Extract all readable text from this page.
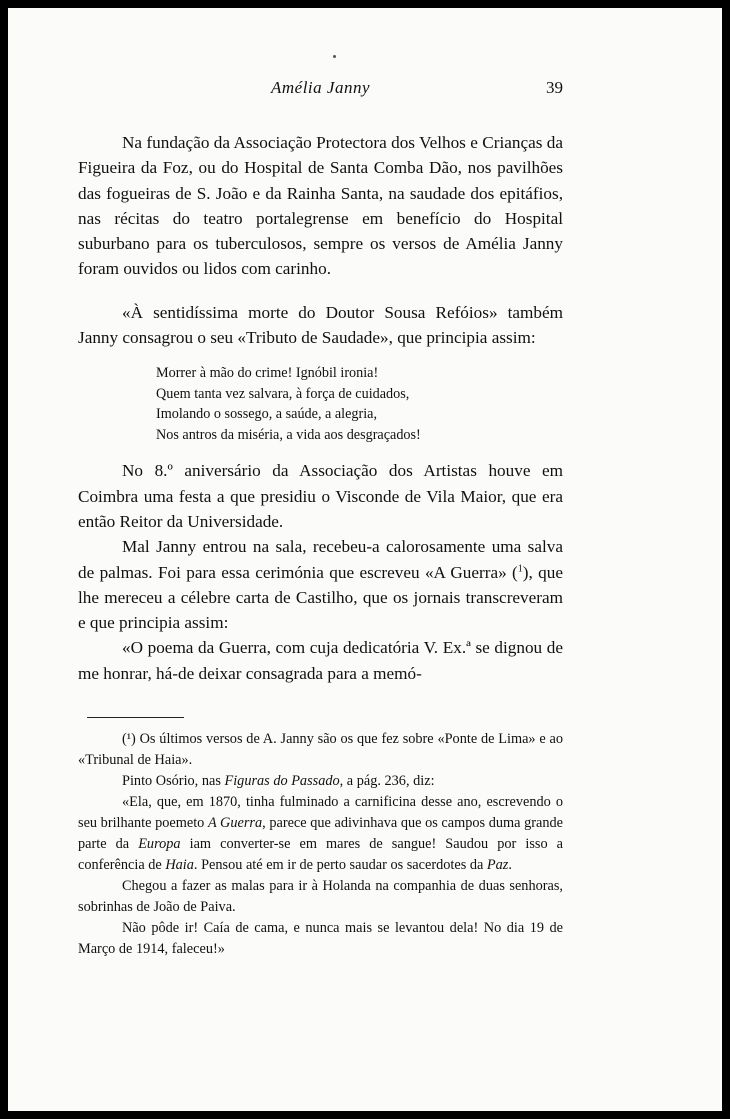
Amélia Janny	39

Na fundação da Associação Protectora dos Velhos e Crianças da Figueira da Foz, ou do Hospital de Santa Comba Dão, nos pavilhões das fogueiras de S. João e da Rainha Santa, na saudade dos epitáfios, nas récitas do teatro portalegrense em benefício do Hospital suburbano para os tuberculosos, sempre os versos de Amélia Janny foram ouvidos ou lidos com carinho.

«À sentidíssima morte do Doutor Sousa Refóios» também Janny consagrou o seu «Tributo de Saudade», que principia assim:

Morrer à mão do crime! Ignóbil ironia!
Quem tanta vez salvara, à força de cuidados,
Imolando o sossego, a saúde, a alegria,
Nos antros da miséria, a vida aos desgraçados!

No 8.º aniversário da Associação dos Artistas houve em Coimbra uma festa a que presidiu o Visconde de Vila Maior, que era então Reitor da Universidade.

Mal Janny entrou na sala, recebeu-a calorosamente uma salva de palmas. Foi para essa cerimónia que escreveu «A Guerra» ($^1$), que lhe mereceu a célebre carta de Castilho, que os jornais transcreveram e que principia assim:

«O poema da Guerra, com cuja dedicatória V. Ex.ª se dignou de me honrar, há-de deixar consagrada para a memó-

(¹) Os últimos versos de A. Janny são os que fez sobre «Ponte de Lima» e ao «Tribunal de Haia».

Pinto Osório, nas Figuras do Passado, a pág. 236, diz:

«Ela, que, em 1870, tinha fulminado a carnificina desse ano, escrevendo o seu brilhante poemeto A Guerra, parece que adivinhava que os campos duma grande parte da Europa iam converter-se em mares de sangue! Saudou por isso a conferência de Haia. Pensou até em ir de perto saudar os sacerdotes da Paz.

Chegou a fazer as malas para ir à Holanda na companhia de duas senhoras, sobrinhas de João de Paiva.

Não pôde ir! Caía de cama, e nunca mais se levantou dela! No dia 19 de Março de 1914, faleceu!»
